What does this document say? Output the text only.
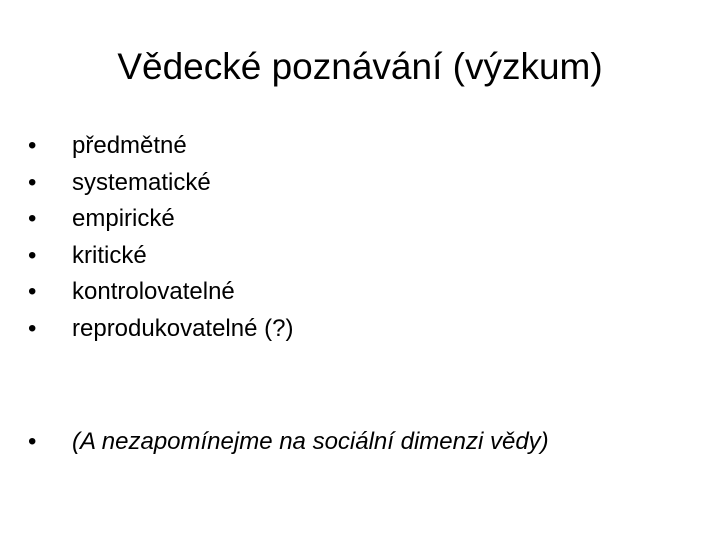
Vědecké poznávání (výzkum)
•	předmětné
•	systematické
•	empirické
•	kritické
•	kontrolovatelné
•	reprodukovatelné (?)
•	(A nezapomínejme na sociální dimenzi vědy)
